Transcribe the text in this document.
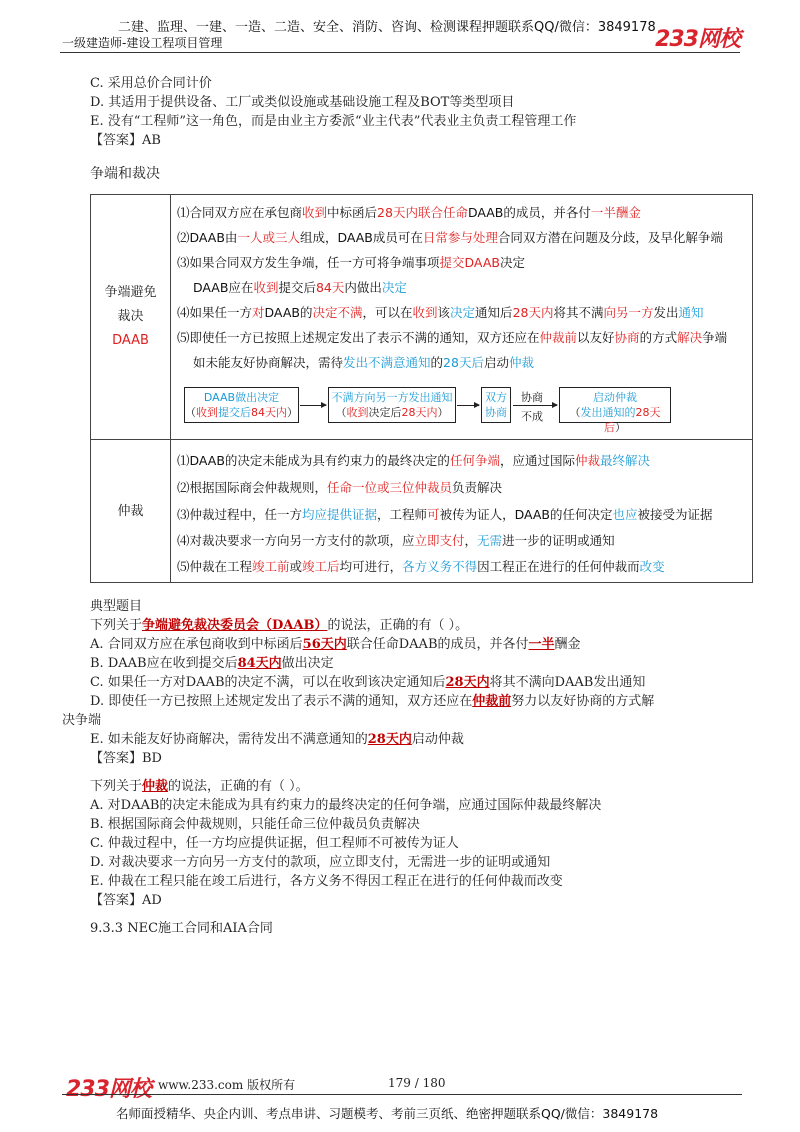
二建、监理、一建、一造、二造、安全、消防、咨询、检测课程押题联系QQ/微信：3849178
一级建造师-建设工程项目管理	233网校
C. 采用总价合同计价
D. 其适用于提供设备、工厂或类似设施或基础设施工程及BOT等类型项目
E. 没有“工程师”这一角色，而是由业主方委派“业主代表”代表业主负责工程管理工作
【答案】AB
争端和裁决
争端避免
裁决
DAAB
仲裁
⑴合同双方应在承包商收到中标函后28天内联合任命DAAB的成员，并各付一半酬金
⑵DAAB由一人或三人组成，DAAB成员可在日常参与处理合同双方潜在问题及分歧，及早化解争端
⑶如果合同双方发生争端，任一方可将争端事项提交DAAB决定
DAAB应在收到提交后84天内做出决定
⑷如果任一方对DAAB的决定不满，可以在收到该决定通知后28天内将其不满向另一方发出通知
⑸即使任一方已按照上述规定发出了表示不满的通知，双方还应在仲裁前以友好协商的方式解决争端
如未能友好协商解决，需待发出不满意通知的28天后启动仲裁
DAAB做出决定
（收到提交后84天内）
不满方向另一方发出通知
（收到决定后28天内）
双方
协商
协商
不成
启动仲裁
（发出通知的28天后）
⑴DAAB的决定未能成为具有约束力的最终决定的任何争端，应通过国际仲裁最终解决
⑵根据国际商会仲裁规则，任命一位或三位仲裁员负责解决
⑶仲裁过程中，任一方均应提供证据，工程师可被传为证人，DAAB的任何决定也应被接受为证据
⑷对裁决要求一方向另一方支付的款项，应立即支付，无需进一步的证明或通知
⑸仲裁在工程竣工前或竣工后均可进行，各方义务不得因工程正在进行的任何仲裁而改变
典型题目
下列关于争端避免裁决委员会（DAAB）的说法，正确的有（ ）。
A. 合同双方应在承包商收到中标函后56天内联合任命DAAB的成员，并各付一半酬金
B. DAAB应在收到提交后84天内做出决定
C. 如果任一方对DAAB的决定不满，可以在收到该决定通知后28天内将其不满向DAAB发出通知
D. 即使任一方已按照上述规定发出了表示不满的通知，双方还应在仲裁前努力以友好协商的方式解
决争端
E. 如未能友好协商解决，需待发出不满意通知的28天内启动仲裁
【答案】BD
下列关于仲裁的说法，正确的有（ ）。
A. 对DAAB的决定未能成为具有约束力的最终决定的任何争端，应通过国际仲裁最终解决
B. 根据国际商会仲裁规则，只能任命三位仲裁员负责解决
C. 仲裁过程中，任一方均应提供证据，但工程师不可被传为证人
D. 对裁决要求一方向另一方支付的款项，应立即支付，无需进一步的证明或通知
E. 仲裁在工程只能在竣工后进行，各方义务不得因工程正在进行的任何仲裁而改变
【答案】AD
9.3.3 NEC施工合同和AIA合同
233网校 www.233.com 版权所有	179 / 180
名师面授精华、央企内训、考点串讲、习题模考、考前三页纸、绝密押题联系QQ/微信：3849178
